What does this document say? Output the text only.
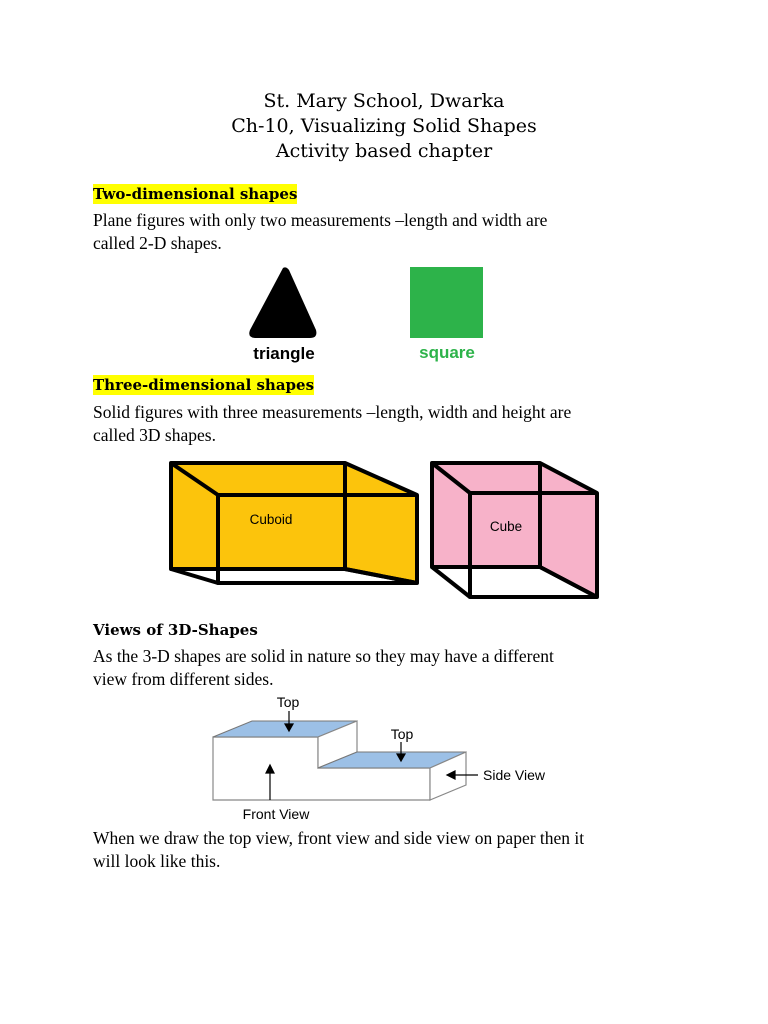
St. Mary School, Dwarka
Ch-10, Visualizing Solid Shapes
Activity based chapter
Two-dimensional shapes
Plane figures with only two measurements –length and width are
called 2-D shapes.
triangle	square
Cuboid	Cube
Top
Top
Side View
Front View
Three-dimensional shapes
Solid figures with three measurements –length, width and height are
called 3D shapes.
Views of 3D-Shapes
As the 3-D shapes are solid in nature so they may have a different
view from different sides.
When we draw the top view, front view and side view on paper then it
will look like this.
